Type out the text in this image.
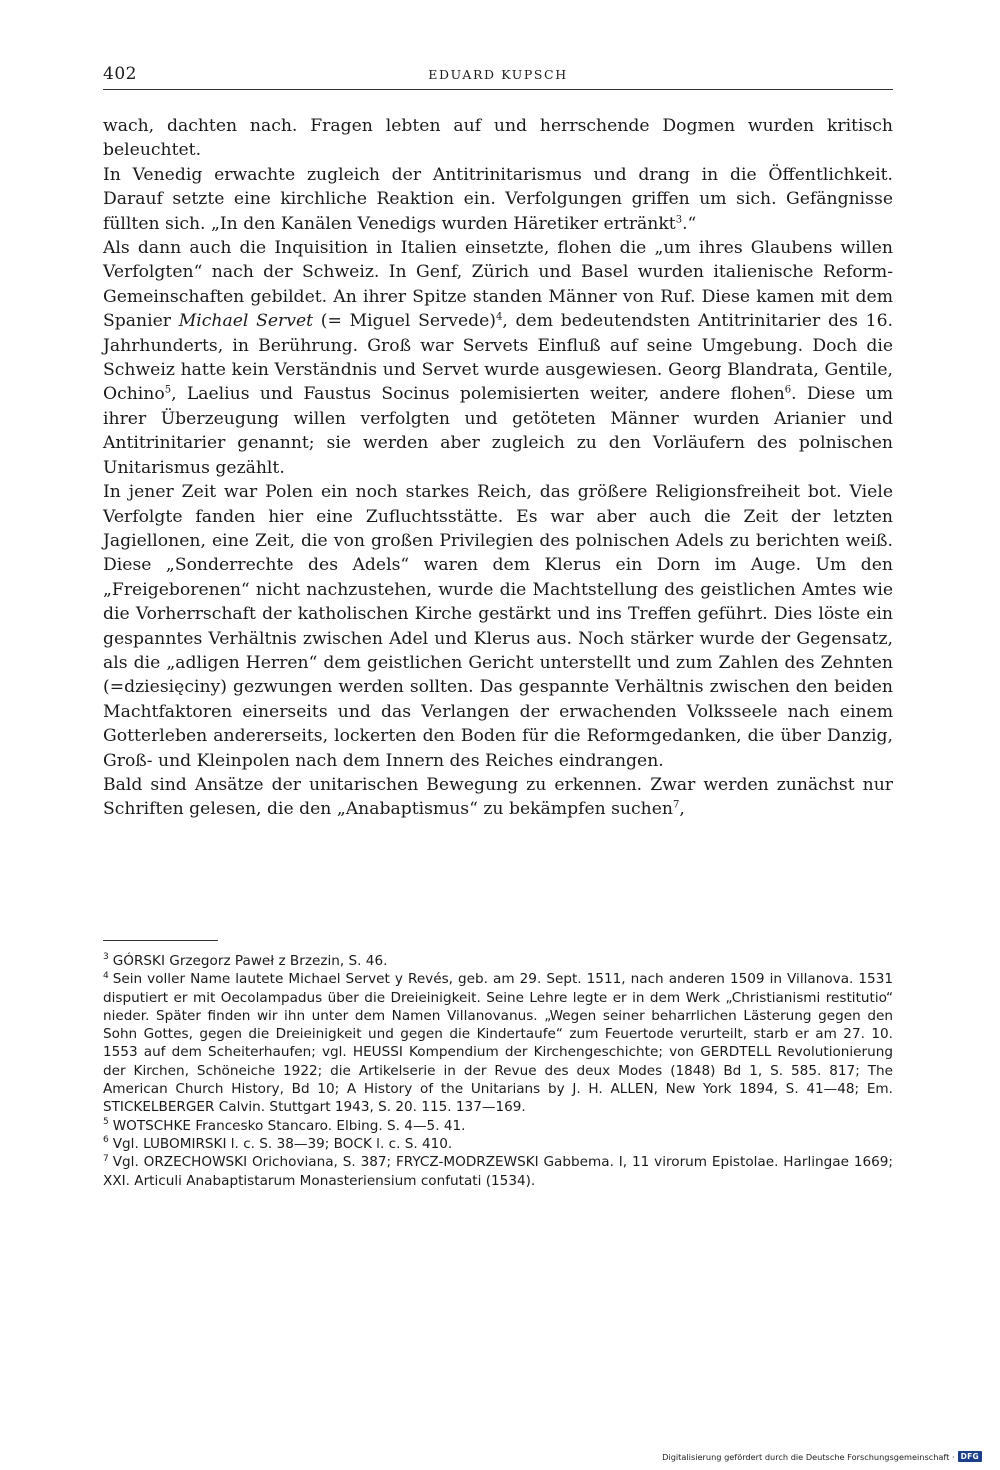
402	EDUARD KUPSCH

wach, dachten nach. Fragen lebten auf und herrschende Dogmen wurden kritisch beleuchtet.

In Venedig erwachte zugleich der Antitrinitarismus und drang in die Öffentlichkeit. Darauf setzte eine kirchliche Reaktion ein. Verfolgungen griffen um sich. Gefängnisse füllten sich. „In den Kanälen Venedigs wurden Häretiker ertränkt$^3$.“

Als dann auch die Inquisition in Italien einsetzte, flohen die „um ihres Glaubens willen Verfolgten“ nach der Schweiz. In Genf, Zürich und Basel wurden italienische Reform-Gemeinschaften gebildet. An ihrer Spitze standen Männer von Ruf. Diese kamen mit dem Spanier Michael Servet (= Miguel Servede)$^4$, dem bedeutendsten Antitrinitarier des 16. Jahrhunderts, in Berührung. Groß war Servets Einfluß auf seine Umgebung. Doch die Schweiz hatte kein Verständnis und Servet wurde ausgewiesen. Georg Blandrata, Gentile, Ochino$^5$, Laelius und Faustus Socinus polemisierten weiter, andere flohen$^6$. Diese um ihrer Überzeugung willen verfolgten und getöteten Männer wurden Arianier und Antitrinitarier genannt; sie werden aber zugleich zu den Vorläufern des polnischen Unitarismus gezählt.

In jener Zeit war Polen ein noch starkes Reich, das größere Religionsfreiheit bot. Viele Verfolgte fanden hier eine Zufluchtsstätte. Es war aber auch die Zeit der letzten Jagiellonen, eine Zeit, die von großen Privilegien des polnischen Adels zu berichten weiß. Diese „Sonderrechte des Adels“ waren dem Klerus ein Dorn im Auge. Um den „Freigeborenen“ nicht nachzustehen, wurde die Machtstellung des geistlichen Amtes wie die Vorherrschaft der katholischen Kirche gestärkt und ins Treffen geführt. Dies löste ein gespanntes Verhältnis zwischen Adel und Klerus aus. Noch stärker wurde der Gegensatz, als die „adligen Herren“ dem geistlichen Gericht unterstellt und zum Zahlen des Zehnten (=dziesięciny) gezwungen werden sollten. Das gespannte Verhältnis zwischen den beiden Machtfaktoren einerseits und das Verlangen der erwachenden Volksseele nach einem Gotterleben andererseits, lockerten den Boden für die Reformgedanken, die über Danzig, Groß- und Kleinpolen nach dem Innern des Reiches eindrangen.

Bald sind Ansätze der unitarischen Bewegung zu erkennen. Zwar werden zunächst nur Schriften gelesen, die den „Anabaptismus“ zu bekämpfen suchen$^7$,

$^3$ GÓRSKI Grzegorz Paweł z Brzezin, S. 46.

$^4$ Sein voller Name lautete Michael Servet y Revés, geb. am 29. Sept. 1511, nach anderen 1509 in Villanova. 1531 disputiert er mit Oecolampadus über die Dreieinigkeit. Seine Lehre legte er in dem Werk „Christianismi restitutio“ nieder. Später finden wir ihn unter dem Namen Villanovanus. „Wegen seiner beharrlichen Lästerung gegen den Sohn Gottes, gegen die Dreieinigkeit und gegen die Kindertaufe“ zum Feuertode verurteilt, starb er am 27. 10. 1553 auf dem Scheiterhaufen; vgl. HEUSSI Kompendium der Kirchengeschichte; von GERDTELL Revolutionierung der Kirchen, Schöneiche 1922; die Artikelserie in der Revue des deux Modes (1848) Bd 1, S. 585. 817; The American Church History, Bd 10; A History of the Unitarians by J. H. ALLEN, New York 1894, S. 41—48; Em. STICKELBERGER Calvin. Stuttgart 1943, S. 20. 115. 137—169.

$^5$ WOTSCHKE Francesko Stancaro. Elbing. S. 4—5. 41.

$^6$ Vgl. LUBOMIRSKI l. c. S. 38—39; BOCK l. c. S. 410.

$^7$ Vgl. ORZECHOWSKI Orichoviana, S. 387; FRYCZ-MODRZEWSKI Gabbema. I, 11 virorum Epistolae. Harlingae 1669; XXI. Articuli Anabaptistarum Monasteriensium confutati (1534).

Digitalisierung gefördert durch die Deutsche Forschungsgemeinschaft · DFG
